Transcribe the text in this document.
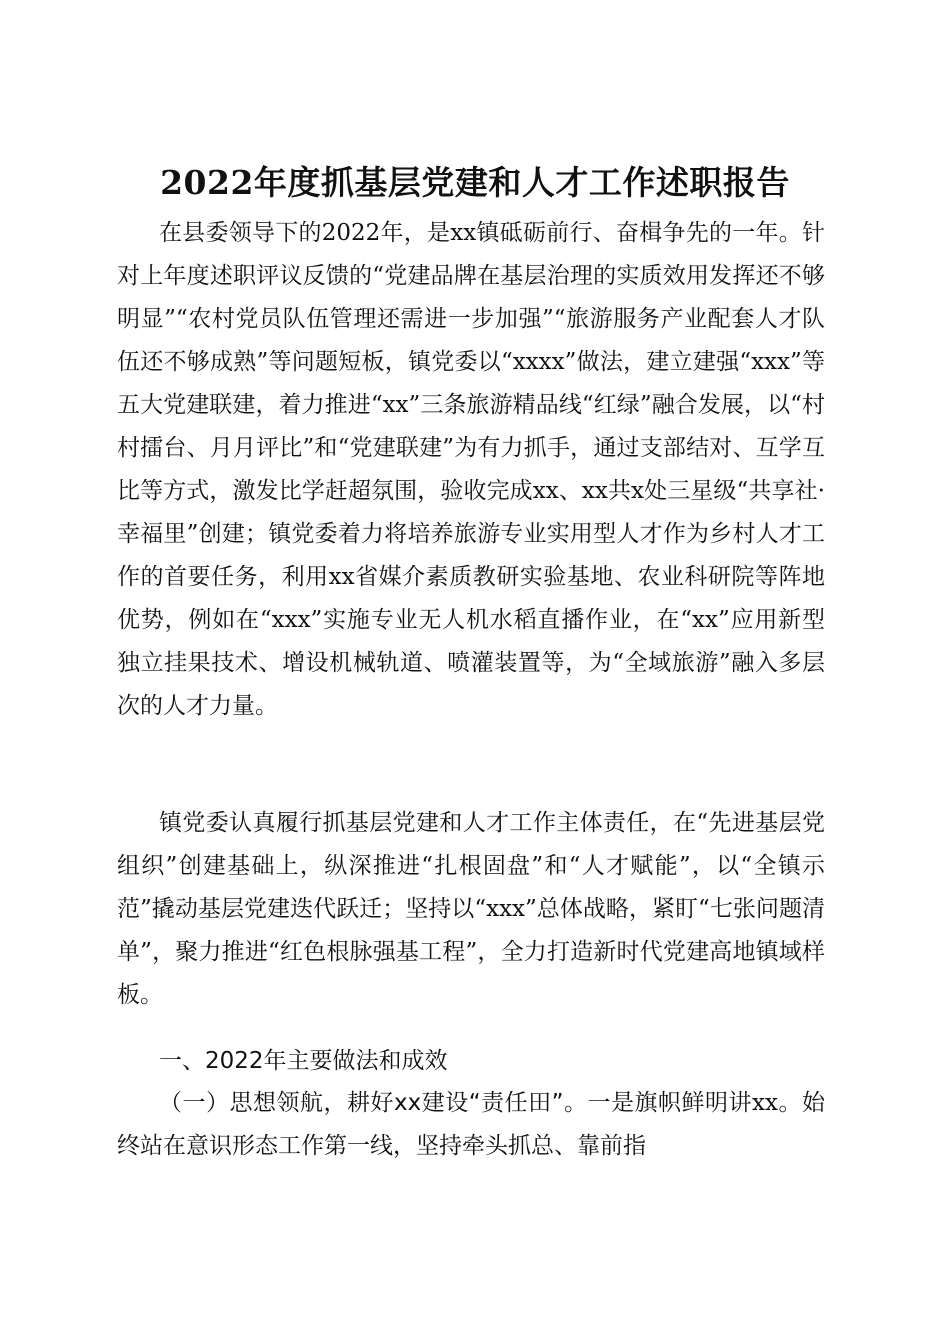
2022年度抓基层党建和人才工作述职报告

在县委领导下的2022年，是xx镇砥砺前行、奋楫争先的一年。针对上年度述职评议反馈的“党建品牌在基层治理的实质效用发挥还不够明显”“农村党员队伍管理还需进一步加强”“旅游服务产业配套人才队伍还不够成熟”等问题短板，镇党委以“xxxx”做法，建立建强“xxx”等五大党建联建，着力推进“xx”三条旅游精品线“红绿”融合发展，以“村村擂台、月月评比”和“党建联建”为有力抓手，通过支部结对、互学互比等方式，激发比学赶超氛围，验收完成xx、xx共x处三星级“共享社·幸福里”创建；镇党委着力将培养旅游专业实用型人才作为乡村人才工作的首要任务，利用xx省媒介素质教研实验基地、农业科研院等阵地优势，例如在“xxx”实施专业无人机水稻直播作业，在“xx”应用新型独立挂果技术、增设机械轨道、喷灌装置等，为“全域旅游”融入多层次的人才力量。

镇党委认真履行抓基层党建和人才工作主体责任，在“先进基层党组织”创建基础上，纵深推进“扎根固盘”和“人才赋能”，以“全镇示范”撬动基层党建迭代跃迁；坚持以“xxx”总体战略，紧盯“七张问题清单”，聚力推进“红色根脉强基工程”，全力打造新时代党建高地镇域样板。

一、2022年主要做法和成效

（一）思想领航，耕好xx建设“责任田”。一是旗帜鲜明讲xx。始终站在意识形态工作第一线，坚持牵头抓总、靠前指
